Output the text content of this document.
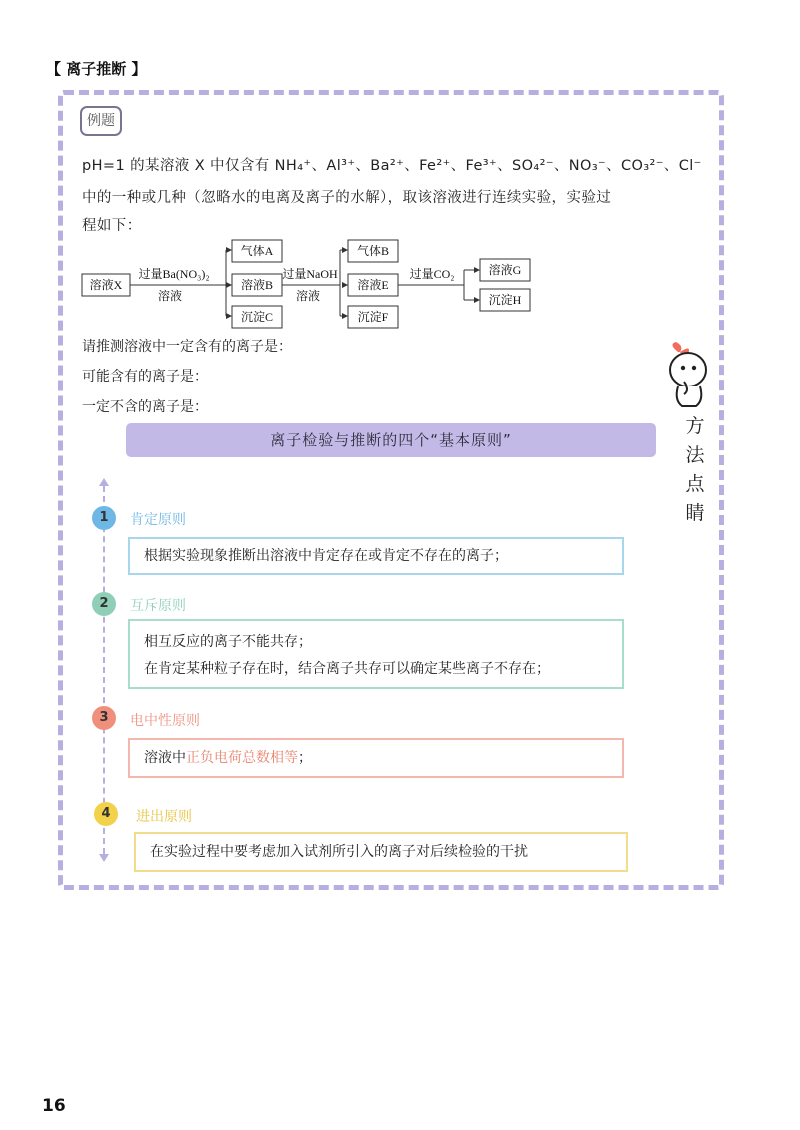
【 离子推断 】
例题
pH=1 的某溶液 X 中仅含有 NH₄⁺、Al³⁺、Ba²⁺、Fe²⁺、Fe³⁺、SO₄²⁻、NO₃⁻、CO₃²⁻、Cl⁻
中的一种或几种（忽略水的电离及离子的水解），取该溶液进行连续实验，实验过
程如下：
溶液X
过量Ba(NO₃)₂
溶液
气体A
溶液B
沉淀C
过量NaOH
溶液
气体B
溶液E
沉淀F
过量CO₂	溶液G
沉淀H
请推测溶液中一定含有的离子是：
可能含有的离子是：
一定不含的离子是：
离子检验与推断的四个“基本原则”
方
法
点
睛
1	肯定原则
根据实验现象推断出溶液中肯定存在或肯定不存在的离子；
2	互斥原则
相互反应的离子不能共存；
在肯定某种粒子存在时，结合离子共存可以确定某些离子不存在；
3	电中性原则
溶液中正负电荷总数相等；
4	进出原则
在实验过程中要考虑加入试剂所引入的离子对后续检验的干扰
16
